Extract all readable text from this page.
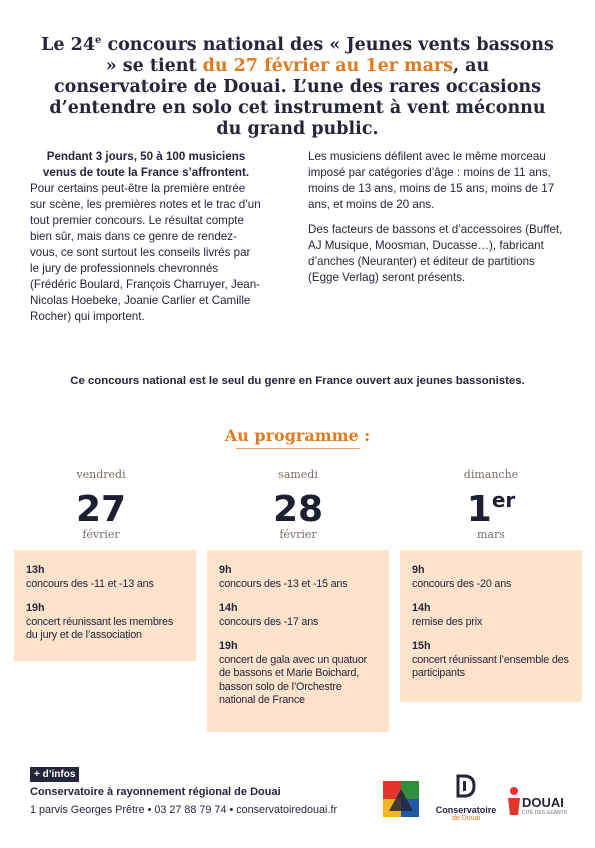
Le 24e concours national des « Jeunes vents bassons » se tient du 27 février au 1er mars, au conservatoire de Douai. L’une des rares occasions d’entendre en solo cet instrument à vent méconnu du grand public.
Pendant 3 jours, 50 à 100 musiciens venus de toute la France s’affrontent.
Pour certains peut-être la première entrée sur scène, les premières notes et le trac d’un tout premier concours. Le résultat compte bien sûr, mais dans ce genre de rendez-vous, ce sont surtout les conseils livrés par le jury de professionnels chevronnés (Frédéric Boulard, François Charruyer, Jean-Nicolas Hoebeke, Joanie Carlier et Camille Rocher) qui importent.

Les musiciens défilent avec le même morceau imposé par catégories d’âge : moins de 11 ans, moins de 13 ans, moins de 15 ans, moins de 17 ans, et moins de 20 ans.

Des facteurs de bassons et d’accessoires (Buffet, AJ Musique, Moosman, Ducasse…), fabricant d’anches (Neuranter) et éditeur de partitions (Egge Verlag) seront présents.

Ce concours national est le seul du genre en France ouvert aux jeunes bassonistes.
Au programme :
vendredi
27
février
samedi
28
février
dimanche
1er
mars
13h
concours des -11 et -13 ans
19h
concert réunissant les membres du jury et de l’association
9h
concours des -13 et -15 ans
14h
concours des -17 ans
19h
concert de gala avec un quatuor de bassons et Marie Boichard, basson solo de l’Orchestre national de France
9h
concours des -20 ans
14h
remise des prix
15h
concert réunissant l’ensemble des participants
+ d’infos
Conservatoire à rayonnement régional de Douai
1 parvis Georges Prêtre • 03 27 88 79 74 • conservatoiredouai.fr	Conservatoire
de Douai
DOUAI
CITÉ DES GÉANTS
